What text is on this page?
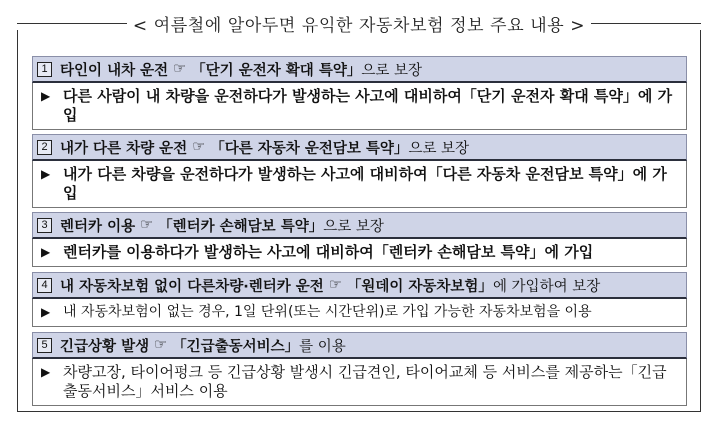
< 여름철에 알아두면 유익한 자동차보험 정보 주요 내용 >
1 타인이 내차 운전 ☞ 「단기 운전자 확대 특약」 으로 보장
▶ 다른 사람이 내 차량을 운전하다가 발생하는 사고에 대비하여「단기 운전자 확대 특약」에 가입
2 내가 다른 차량 운전 ☞ 「다른 자동차 운전담보 특약」 으로 보장
▶ 내가 다른 차량을 운전하다가 발생하는 사고에 대비하여「다른 자동차 운전담보 특약」에 가입
3 렌터카 이용 ☞ 「렌터카 손해담보 특약」 으로 보장
▶ 렌터카를 이용하다가 발생하는 사고에 대비하여「렌터카 손해담보 특약」에 가입
4 내 자동차보험 없이 다른차량·렌터카 운전 ☞ 「원데이 자동차보험」 에 가입하여 보장
▶ 내 자동차보험이 없는 경우, 1일 단위(또는 시간단위)로 가입 가능한 자동차보험을 이용
5 긴급상황 발생 ☞ 「긴급출동서비스」 를 이용
▶ 차량고장, 타이어펑크 등 긴급상황 발생시 긴급견인, 타이어교체 등 서비스를 제공하는「긴급출동서비스」서비스 이용
